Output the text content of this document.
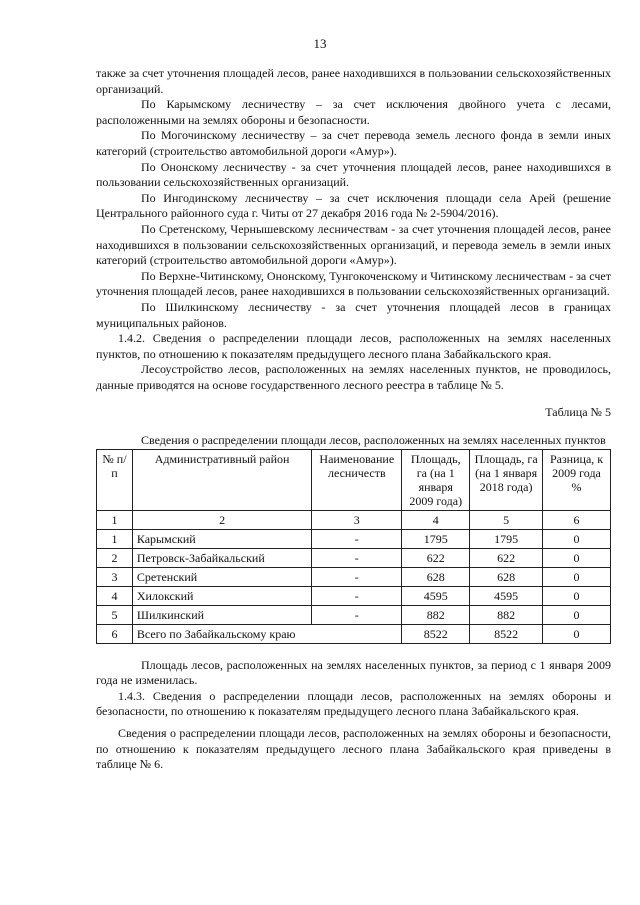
13

также за счет уточнения площадей лесов, ранее находившихся в пользовании сельскохозяйственных организаций.

По Карымскому лесничеству – за счет исключения двойного учета с лесами, расположенными на землях обороны и безопасности.

По Могочинскому лесничеству – за счет перевода земель лесного фонда в земли иных категорий (строительство автомобильной дороги «Амур»).

По Ононскому лесничеству - за счет уточнения площадей лесов, ранее находившихся в пользовании сельскохозяйственных организаций.

По Ингодинскому лесничеству – за счет исключения площади села Арей (решение Центрального районного суда г. Читы от 27 декабря 2016 года № 2-5904/2016).

По Сретенскому, Чернышевскому лесничествам - за счет уточнения площадей лесов, ранее находившихся в пользовании сельскохозяйственных организаций, и перевода земель в земли иных категорий (строительство автомобильной дороги «Амур»).

По Верхне-Читинскому, Ононскому, Тунгокоченскому и Читинскому лесничествам - за счет уточнения площадей лесов, ранее находившихся в пользовании сельскохозяйственных организаций.

По Шилкинскому лесничеству - за счет уточнения площадей лесов в границах муниципальных районов.

1.4.2. Сведения о распределении площади лесов, расположенных на землях населенных пунктов, по отношению к показателям предыдущего лесного плана Забайкальского края.

Лесоустройство лесов, расположенных на землях населенных пунктов, не проводилось, данные приводятся на основе государственного лесного реестра в таблице № 5.

Таблица № 5

Сведения о распределении площади лесов, расположенных на землях населенных пунктов

№ п/п	Административный район	Наименование лесничеств	Площадь, га (на 1 января 2009 года)	Площадь, га (на 1 января 2018 года)	Разница, к 2009 года %
1	2	3	4	5	6
1	Карымский	-	1795	1795	0
2	Петровск-Забайкальский	-	622	622	0
3	Сретенский	-	628	628	0
4	Хилокский	-	4595	4595	0
5	Шилкинский	-	882	882	0
6	Всего по Забайкальскому краю		8522	8522	0

Площадь лесов, расположенных на землях населенных пунктов, за период с 1 января 2009 года не изменилась.

1.4.3. Сведения о распределении площади лесов, расположенных на землях обороны и безопасности, по отношению к показателям предыдущего лесного плана Забайкальского края.

Сведения о распределении площади лесов, расположенных на землях обороны и безопасности, по отношению к показателям предыдущего лесного плана Забайкальского края приведены в таблице № 6.
